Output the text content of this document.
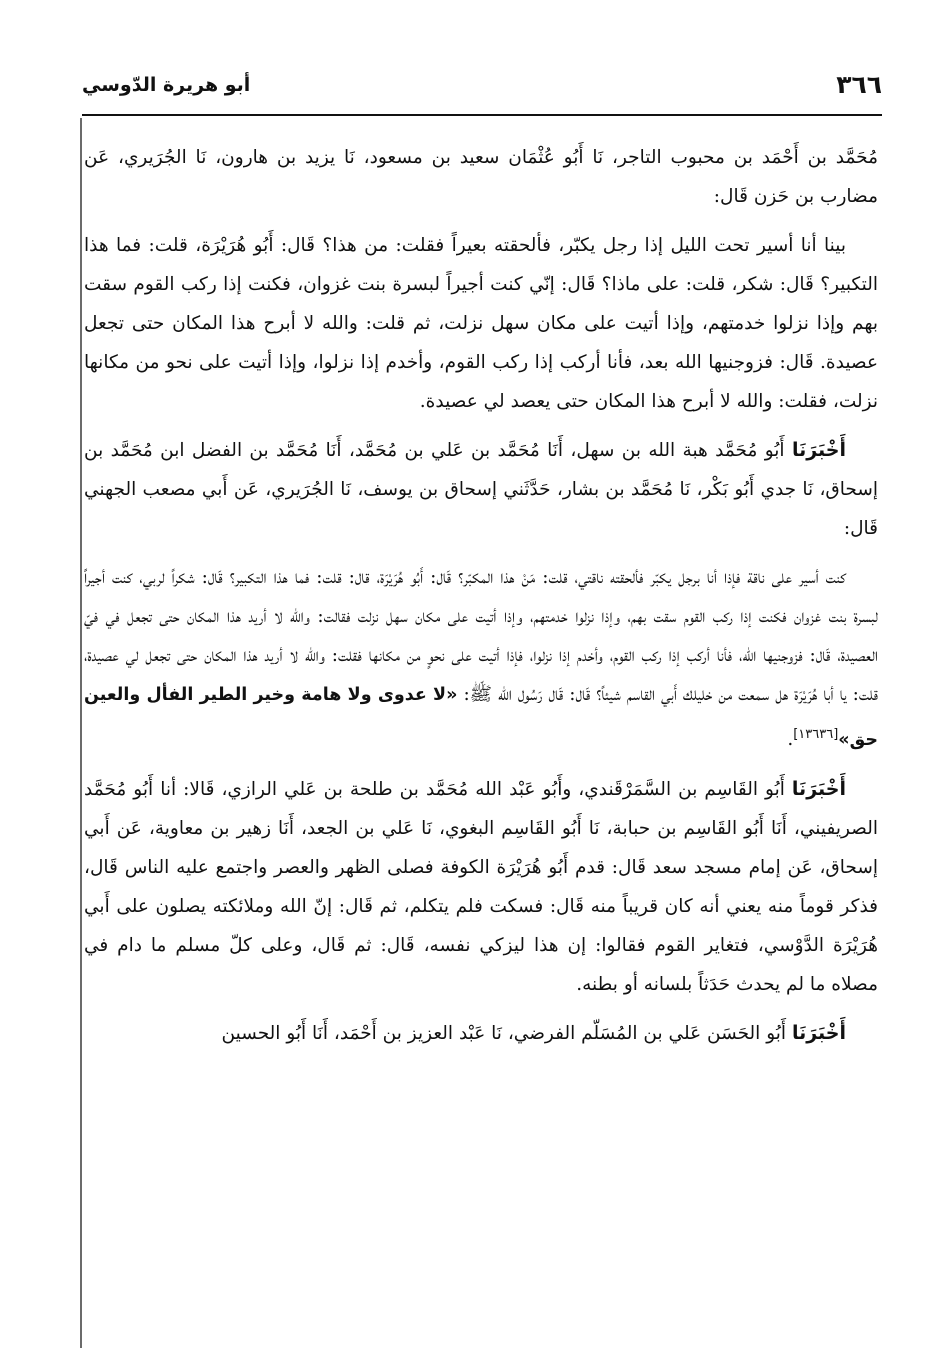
٣٦٦
أبو هريرة الدّوسي

مُحَمَّد بن أَحْمَد بن محبوب التاجر، نَا أَبُو عُثْمَان سعيد بن مسعود، نَا يزيد بن هارون، نَا الجُرَيري، عَن مضارب بن حَزن قَال:

بينا أنا أسير تحت الليل إذا رجل يكبّر، فألحقته بعيراً فقلت: من هذا؟ قَال: أَبُو هُرَيْرَة، قلت: فما هذا التكبير؟ قَال: شكر، قلت: على ماذا؟ قَال: إنّي كنت أجيراً لبسرة بنت غزوان، فكنت إذا ركب القوم سقت بهم وإذا نزلوا خدمتهم، وإذا أتيت على مكان سهل نزلت، ثم قلت: والله لا أبرح هذا المكان حتى تجعل عصيدة. قَال: فزوجنيها الله بعد، فأنا أركب إذا ركب القوم، وأخدم إذا نزلوا، وإذا أتيت على نحو من مكانها نزلت، فقلت: والله لا أبرح هذا المكان حتى يعصد لي عصيدة.

أَخْبَرَنَا أَبُو مُحَمَّد هبة الله بن سهل، أَنَا مُحَمَّد بن عَلي بن مُحَمَّد، أَنَا مُحَمَّد بن الفضل ابن مُحَمَّد بن إسحاق، نَا جدي أَبُو بَكْر، نَا مُحَمَّد بن بشار، حَدَّثَني إسحاق بن يوسف، نَا الجُرَيري، عَن أَبي مصعب الجهني قَال:

كنت أسير على ناقة فإذا أنا برجل يكبّر فألحقته ناقتي، قلت: مَنْ هذا المكبّر؟ قَال: أَبُو هُرَيْرَة، قال: قلت: فما هذا التكبير؟ قَال: شكراً لربي، كنت أجيراً لبسرة بنت غزوان فكنت إذا ركب القوم سقت بهم، وإذا نزلوا خدمتهم، وإذا أتيت على مكان سهل نزلت فقالت: والله لا أريد هذا المكان حتى تجعل في فيّ العصيدة، قَال: فزوجنيها الله، فأنا أركب إذا ركب القوم، وأخدم إذا نزلوا، فإذا أتيت على نحوٍ من مكانها فقلت: والله لا أريد هذا المكان حتى تجعل لي عصيدة، قلت: يا أبا هُرَيْرَة هل سمعت من خليلك أَبي القاسم شيئاً؟ قَال: قَال رَسُول الله ﷺ: «لا عدوى ولا هامة وخير الطير الفأل والعين حق»[١٣٦٣٦].

أَخْبَرَنَا أَبُو القَاسِم بن السَّمَرْقَندي، وأَبُو عَبْد الله مُحَمَّد بن طلحة بن عَلي الرازي، قَالا: أنا أَبُو مُحَمَّد الصريفيني، أَنَا أَبُو القَاسِم بن حبابة، نَا أَبُو القَاسِم البغوي، نَا عَلي بن الجعد، أَنَا زهير بن معاوية، عَن أَبي إسحاق، عَن إمام مسجد سعد قَال: قدم أَبُو هُرَيْرَة الكوفة فصلى الظهر والعصر واجتمع عليه الناس قَال، فذكر قوماً منه يعني أنه كان قريباً منه قَال: فسكت فلم يتكلم، ثم قَال: إنّ الله وملائكته يصلون على أَبي هُرَيْرَة الدَّوْسي، فتغاير القوم فقالوا: إن هذا ليزكي نفسه، قَال: ثم قَال، وعلى كلّ مسلم ما دام في مصلاه ما لم يحدث حَدَثاً بلسانه أو بطنه.

أَخْبَرَنَا أَبُو الحَسَن عَلي بن المُسَلّم الفرضي، نَا عَبْد العزيز بن أَحْمَد، أَنَا أَبُو الحسين
